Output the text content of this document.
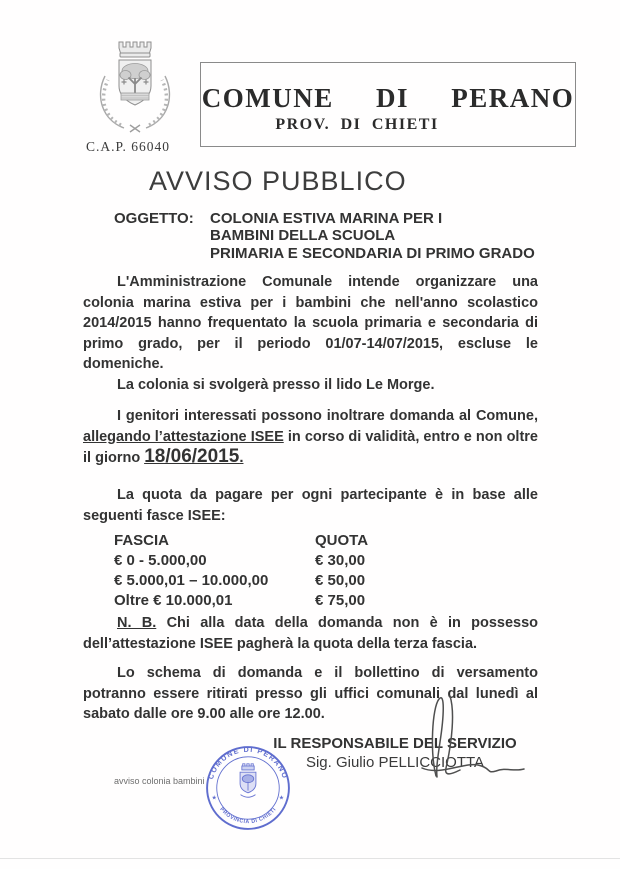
C.A.P. 66040
COMUNE DI PERANO
PROV. DI CHIETI
AVVISO PUBBLICO
OGGETTO: COLONIA ESTIVA MARINA PER I
BAMBINI DELLA SCUOLA
PRIMARIA E SECONDARIA DI PRIMO GRADO
L'Amministrazione Comunale intende organizzare una colonia marina estiva per i bambini che nell'anno scolastico 2014/2015 hanno frequentato la scuola primaria e secondaria di primo grado, per il periodo 01/07-14/07/2015, escluse le domeniche.
La colonia si svolgerà presso il lido Le Morge.
I genitori interessati possono inoltrare domanda al Comune, allegando l’attestazione ISEE in corso di validità, entro e non oltre il giorno 18/06/2015.
La quota da pagare per ogni partecipante è in base alle seguenti fasce ISEE:
FASCIA	QUOTA
€ 0 - 5.000,00	€ 30,00
€ 5.000,01 – 10.000,00	€ 50,00
Oltre € 10.000,01	€ 75,00
N. B. Chi alla data della domanda non è in possesso dell’attestazione ISEE pagherà la quota della terza fascia.
Lo schema di domanda e il bollettino di versamento potranno essere ritirati presso gli uffici comunali dal lunedì al sabato dalle ore 9.00 alle ore 12.00.
IL RESPONSABILE DEL SERVIZIO
Sig. Giulio PELLICCIOTTA
COMUNE DI PERANO
PROVINCIA DI CHIETI
★	★
avviso colonia bambini
